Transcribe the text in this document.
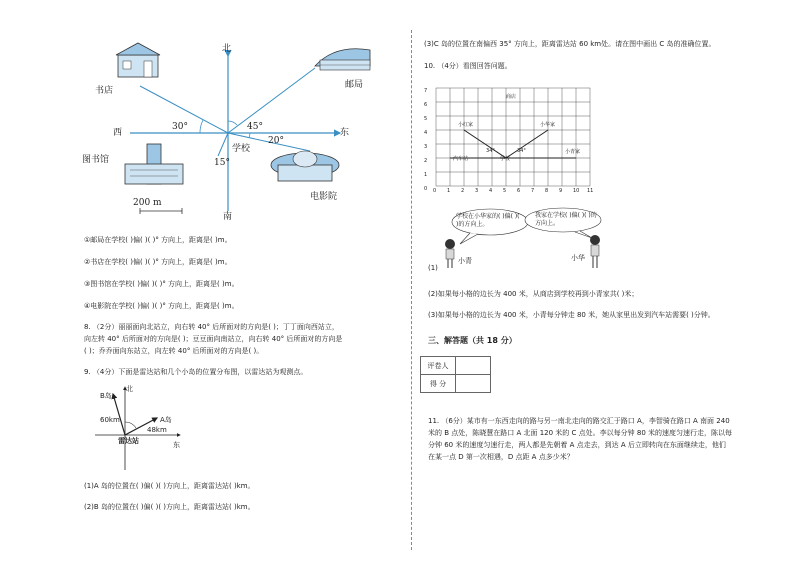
北
东
西
南
学校
书店
邮局
图书馆
电影院
30°	45°
20°
15°
200 m
①邮局在学校( )偏( )( )° 方向上，距离是( )m。
②书店在学校( )偏( )( )° 方向上，距离是( )m。
③图书馆在学校( )偏( )( )° 方向上，距离是( )m。
④电影院在学校( )偏( )( )° 方向上，距离是( )m。
8. （2分）丽丽面向北站立，向右转 40° 后所面对的方向是( )；丁丁面向西站立，
向左转 40° 后所面对的方向是( )；豆豆面向南站立，向右转 40° 后所面对的方向是
( )；乔乔面向东站立，向左转 40° 后所面对的方向是( )。
9. （4分）下面是雷达站和几个小岛的位置分布图，以雷达站为观测点。
北
B岛
A岛
60km
48km
雷达站	东
(1)A 岛的位置在( )偏( )( )方向上，距离雷达站( )km。
(2)B 岛的位置在( )偏( )( )方向上，距离雷达站( )km。
(3)C 岛的位置在南偏西 35° 方向上，距离雷达站 60 km处。请在图中画出 C 岛的准确位置。
10. （4分）看图回答问题。
7
6
5
4
3
2
1
0	0	1	2	3	4	5	6	7	8	9	10	11
商店
小红家	小华家
汽车站	学校
小青家
34°	34°
学校在小华家的( )偏( )( )的方向上。
我家在学校( )偏( )( )的方向上。
小青	小华
(1)
(2)如果每小格的边长为 400 米，从商店到学校再到小青家共( )米；
(3)如果每小格的边长为 400 米，小青每分钟走 80 米，她从家里出发到汽车站需要( )分钟。
三、解答题（共 18 分）
评卷人	
得 分	
11. （6分）某市有一东西走向的路与另一南北走向的路交汇于路口 A，李智骑在路口 A 南面 240
米的 B 点处，陈晓慧在路口 A 北面 120 米的 C 点处。李以每分钟 80 米的速度匀速行走，陈以每
分钟 60 米的速度匀速行走，两人都是先朝着 A 点走去，到达 A 后立即转向在东面继续走，他们
在某一点 D 第一次相遇，D 点距 A 点多少米？
